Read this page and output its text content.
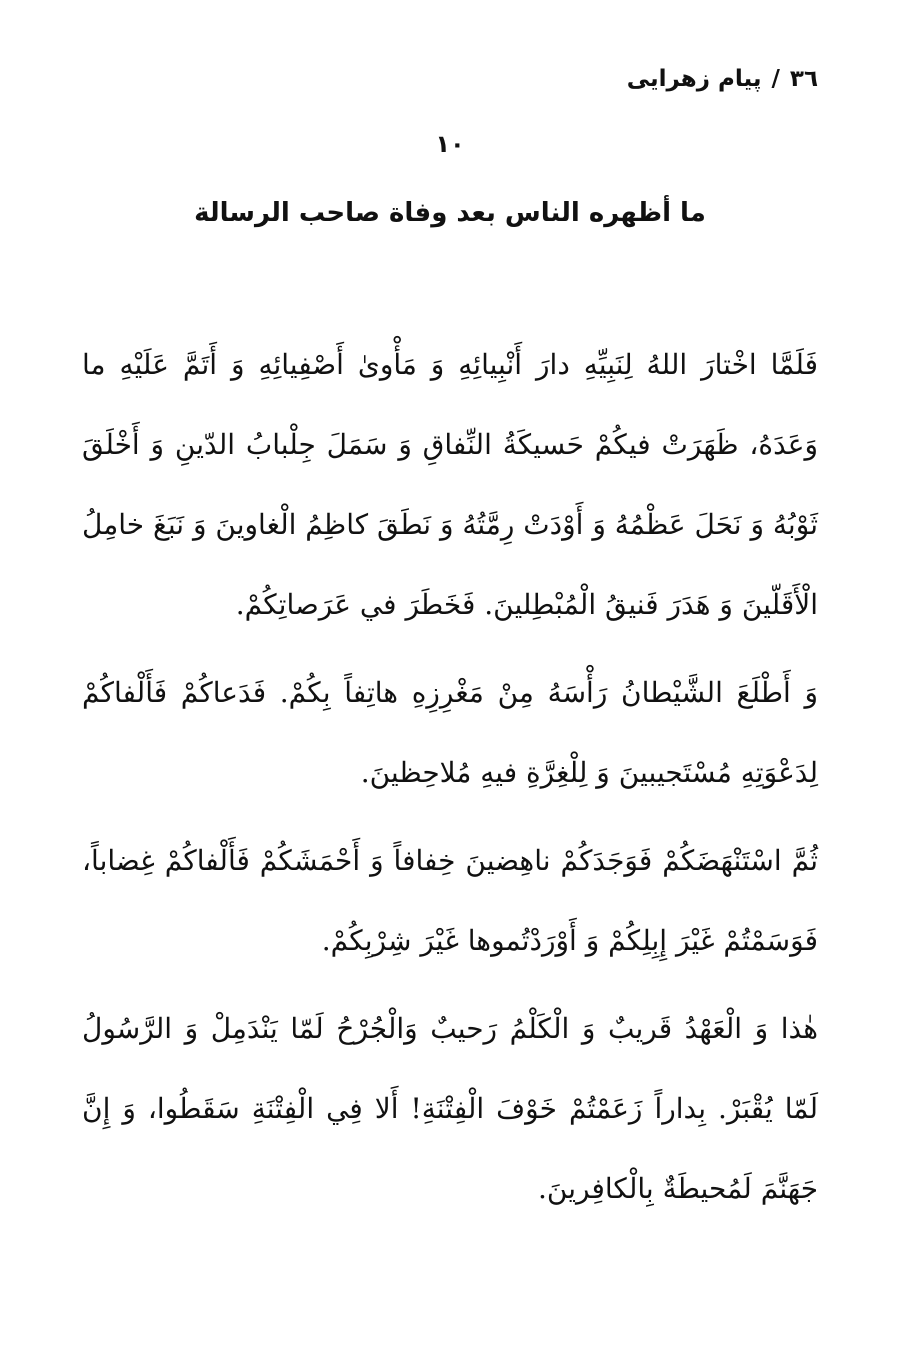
٣٦/پيام زهرايى
١٠
ما أظهره الناس بعد وفاة صاحب الرسالة

فَلَمَّا اخْتارَ اللهُ لِنَبِيِّهِ دارَ أَنْبِيائِهِ وَ مَأْوىٰ أَصْفِيائِهِ وَ أَتَمَّ عَلَيْهِ ما وَعَدَهُ، ظَهَرَتْ فيكُمْ حَسيكَةُ النِّفاقِ وَ سَمَلَ جِلْبابُ الدّينِ وَ أَخْلَقَ ثَوْبُهُ وَ نَحَلَ عَظْمُهُ وَ أَوْدَتْ رِمَّتُهُ وَ نَطَقَ كاظِمُ الْغاوينَ وَ نَبَغَ خامِلُ الْأَقَلّينَ وَ هَدَرَ فَنيقُ الْمُبْطِلينَ. فَخَطَرَ في عَرَصاتِكُمْ.

وَ أَطْلَعَ الشَّيْطانُ رَأْسَهُ مِنْ مَغْرِزِهِ هاتِفاً بِكُمْ. فَدَعاكُمْ فَأَلْفاكُمْ لِدَعْوَتِهِ مُسْتَجيبينَ وَ لِلْغِرَّةِ فيهِ مُلاحِظينَ.

ثُمَّ اسْتَنْهَضَكُمْ فَوَجَدَكُمْ ناهِضينَ خِفافاً وَ أَحْمَشَكُمْ فَأَلْفاكُمْ غِضاباً، فَوَسَمْتُمْ غَيْرَ إِبِلِكُمْ وَ أَوْرَدْتُموها غَيْرَ شِرْبِكُمْ.

هٰذا وَ الْعَهْدُ قَريبٌ وَ الْكَلْمُ رَحيبٌ وَالْجُرْحُ لَمّا يَنْدَمِلْ وَ الرَّسُولُ لَمّا يُقْبَرْ. بِداراً زَعَمْتُمْ خَوْفَ الْفِتْنَةِ! أَلا فِي الْفِتْنَةِ سَقَطُوا، وَ إِنَّ جَهَنَّمَ لَمُحيطَةٌ بِالْكافِرينَ.
